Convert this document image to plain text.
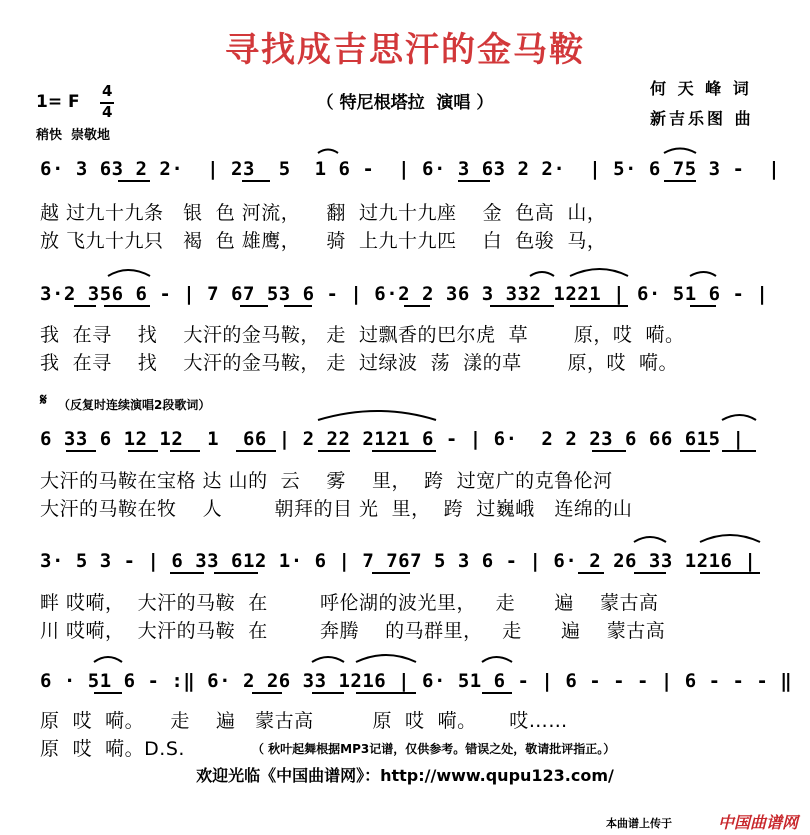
寻找成吉思汗的金马鞍
（ 特尼根塔拉  演唱 ）
何 天 峰 词
新吉乐图 曲
1= F
4
4
稍快  崇敬地
6· 3 63 2 2·  | 23  5  1 6 -  | 6· 3 63 2 2·  | 5· 6 75 3 -  |
越 过九十九条   银  色 河流，    翻  过九十九座    金  色高  山，
放 飞九十九只   褐  色 雄鹰，    骑  上九十九匹    白  色骏  马，
3·2 356 6 - | 7 67 53 6 - | 6·2 2 36 3 332 1221 | 6· 51 6 - |
我  在寻    找    大汗的金马鞍， 走  过飘香的巴尔虎  草       原，哎  嗬。
我  在寻    找    大汗的金马鞍， 走  过绿波  荡  漾的草       原，哎  嗬。
𝄋 （反复时连续演唱2段歌词）
6 33 6 12 12  1  66 | 2 22 2121 6 - | 6·  2 2 23 6 66 615 |
大汗的马鞍在宝格 达 山的  云    雾    里，  跨  过宽广的克鲁伦河
大汗的马鞍在牧    人        朝拜的目 光  里，  跨  过巍峨   连绵的山
3· 5 3 - | 6 33 612 1· 6 | 7 767 5 3 6 - | 6· 2 26 33 1216 |
畔 哎嗬，  大汗的马鞍  在        呼伦湖的波光里，   走      遍    蒙古高
川 哎嗬，  大汗的马鞍  在        奔腾    的马群里，   走      遍    蒙古高
6 · 51 6 - :‖ 6· 2 26 33 1216 | 6· 51 6 - | 6 - - - | 6 - - - ‖
原  哎  嗬。    走    遍   蒙古高         原  哎  嗬。     哎……
原  哎  嗬。D.S.	（ 秋叶起舞根据MP3记谱，仅供参考。错误之处，敬请批评指正。）
欢迎光临《中国曲谱网》：http://www.qupu123.com/
本曲谱上传于	中国曲谱网
